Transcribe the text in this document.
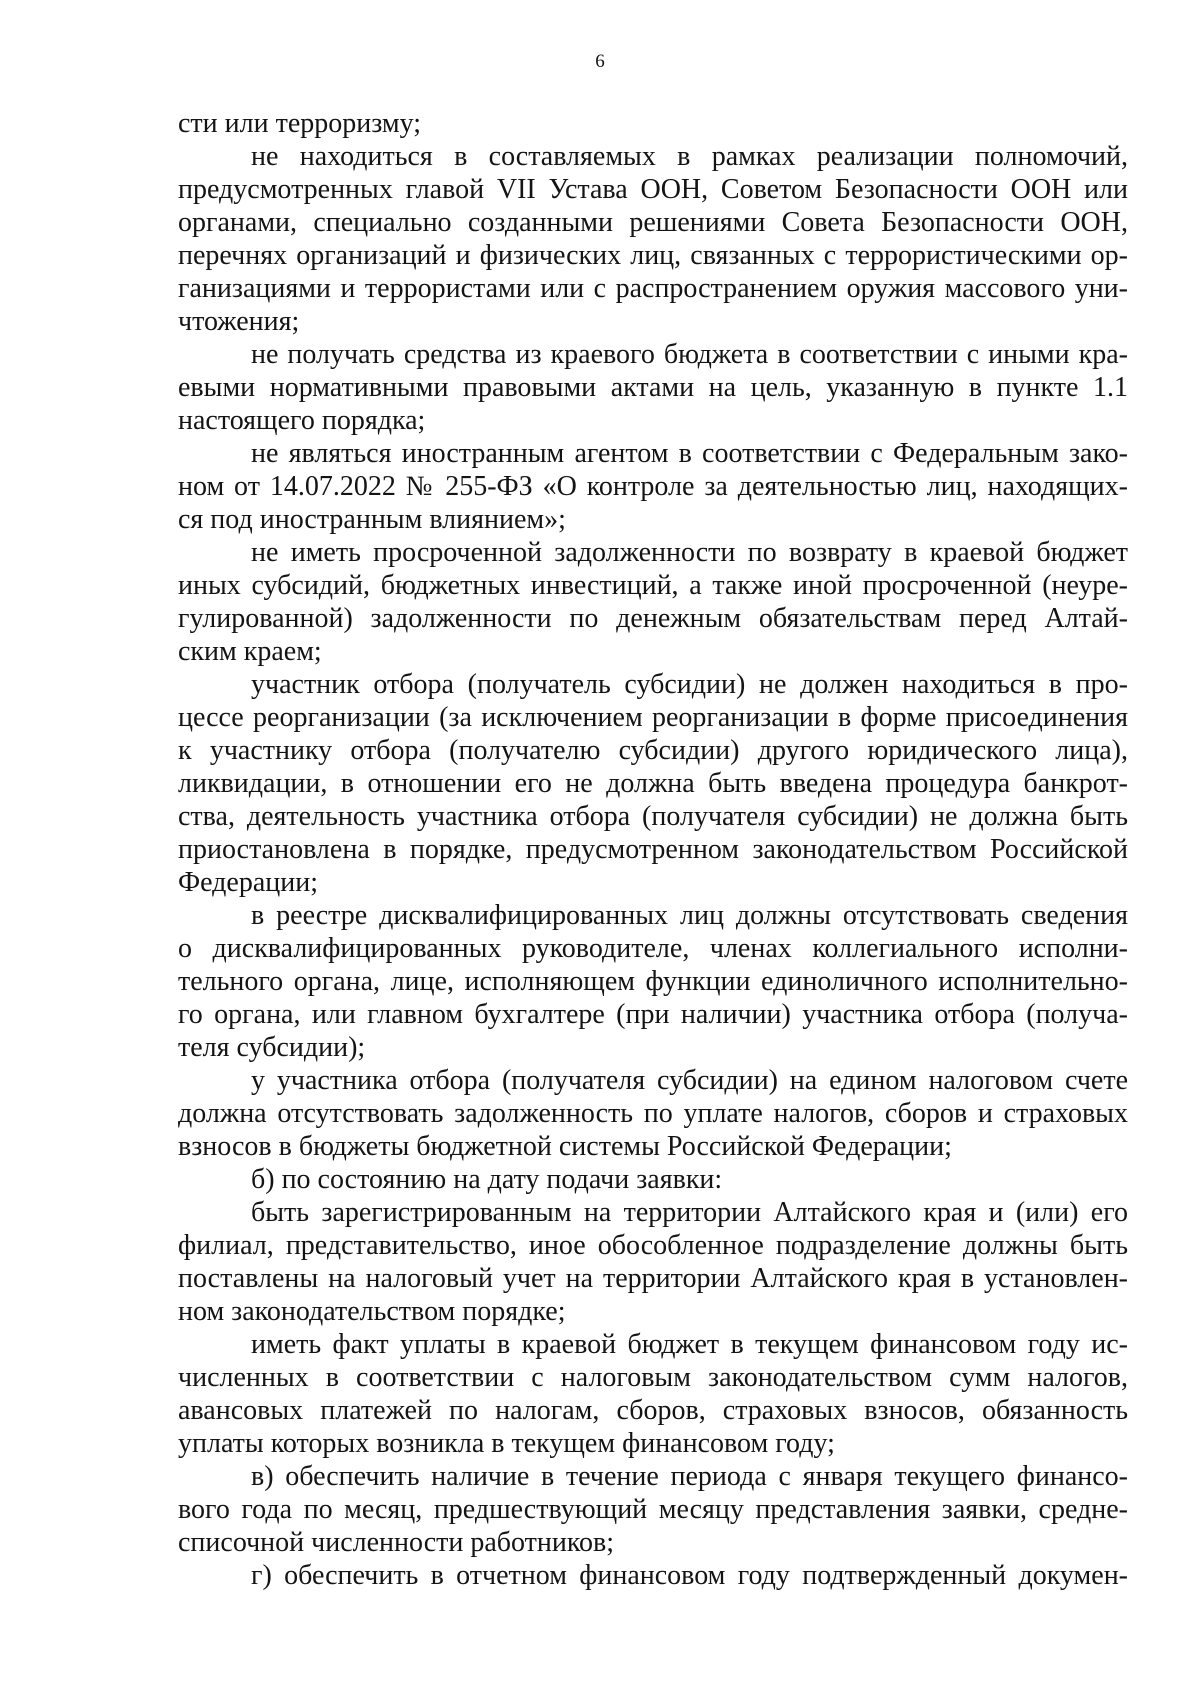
6
сти или терроризму;
не находиться в составляемых в рамках реализации полномочий,
предусмотренных главой VII Устава ООН, Советом Безопасности ООН или
органами, специально созданными решениями Совета Безопасности ООН,
перечнях организаций и физических лиц, связанных с террористическими ор-
ганизациями и террористами или с распространением оружия массового уни-
чтожения;
не получать средства из краевого бюджета в соответствии с иными кра-
евыми нормативными правовыми актами на цель, указанную в пункте 1.1
настоящего порядка;
не являться иностранным агентом в соответствии с Федеральным зако-
ном от 14.07.2022 № 255-ФЗ «О контроле за деятельностью лиц, находящих-
ся под иностранным влиянием»;
не иметь просроченной задолженности по возврату в краевой бюджет
иных субсидий, бюджетных инвестиций, а также иной просроченной (неуре-
гулированной) задолженности по денежным обязательствам перед Алтай-
ским краем;
участник отбора (получатель субсидии) не должен находиться в про-
цессе реорганизации (за исключением реорганизации в форме присоединения
к участнику отбора (получателю субсидии) другого юридического лица),
ликвидации, в отношении его не должна быть введена процедура банкрот-
ства, деятельность участника отбора (получателя субсидии) не должна быть
приостановлена в порядке, предусмотренном законодательством Российской
Федерации;
в реестре дисквалифицированных лиц должны отсутствовать сведения
о дисквалифицированных руководителе, членах коллегиального исполни-
тельного органа, лице, исполняющем функции единоличного исполнительно-
го органа, или главном бухгалтере (при наличии) участника отбора (получа-
теля субсидии);
у участника отбора (получателя субсидии) на едином налоговом счете
должна отсутствовать задолженность по уплате налогов, сборов и страховых
взносов в бюджеты бюджетной системы Российской Федерации;
б) по состоянию на дату подачи заявки:
быть зарегистрированным на территории Алтайского края и (или) его
филиал, представительство, иное обособленное подразделение должны быть
поставлены на налоговый учет на территории Алтайского края в установлен-
ном законодательством порядке;
иметь факт уплаты в краевой бюджет в текущем финансовом году ис-
численных в соответствии с налоговым законодательством сумм налогов,
авансовых платежей по налогам, сборов, страховых взносов, обязанность
уплаты которых возникла в текущем финансовом году;
в) обеспечить наличие в течение периода с января текущего финансо-
вого года по месяц, предшествующий месяцу представления заявки, средне-
списочной численности работников;
г) обеспечить в отчетном финансовом году подтвержденный докумен-
